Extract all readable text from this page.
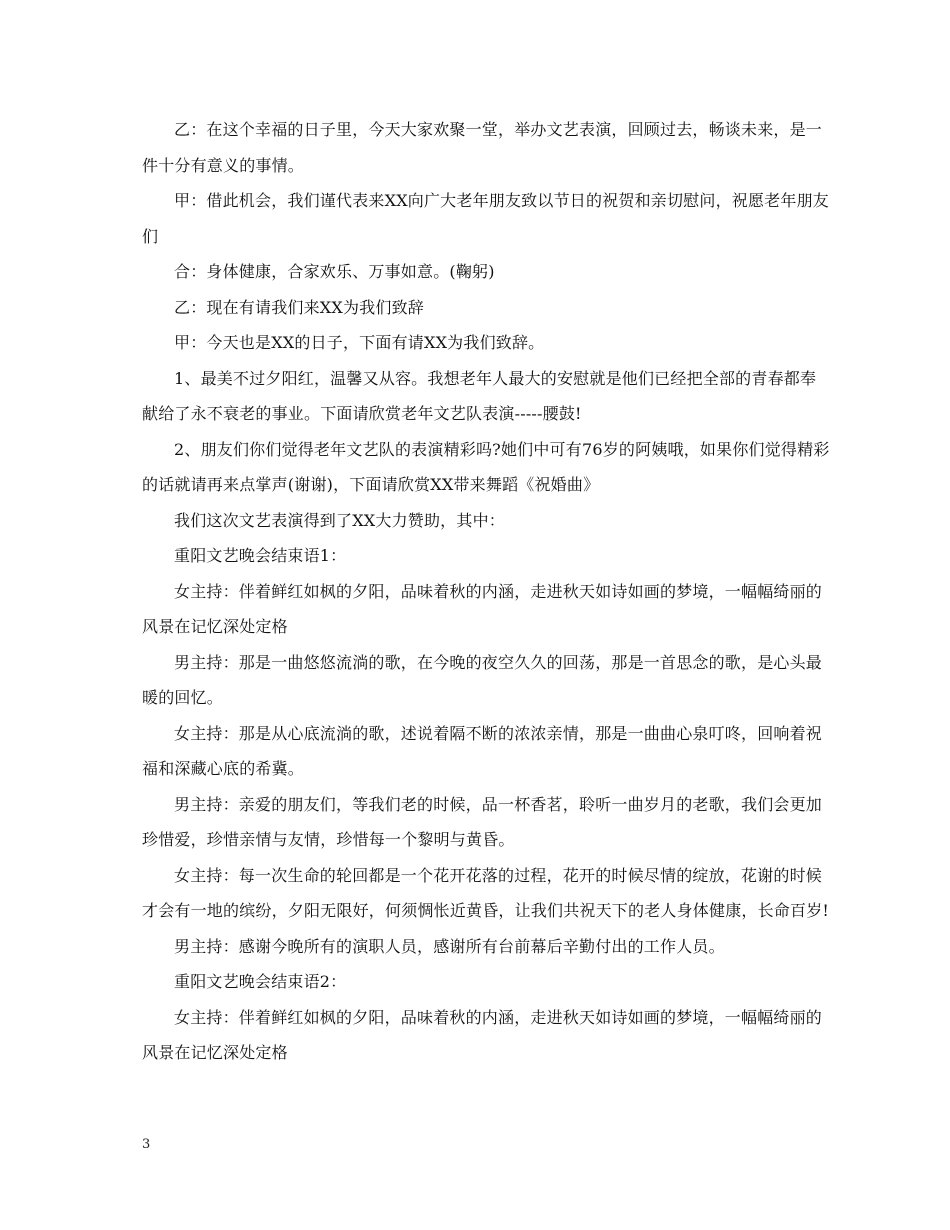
乙：在这个幸福的日子里，今天大家欢聚一堂，举办文艺表演，回顾过去，畅谈未来，是一件十分有意义的事情。

甲：借此机会，我们谨代表来XX向广大老年朋友致以节日的祝贺和亲切慰问，祝愿老年朋友们

合：身体健康，合家欢乐、万事如意。(鞠躬)

乙：现在有请我们来XX为我们致辞

甲：今天也是XX的日子，下面有请XX为我们致辞。

1、最美不过夕阳红，温馨又从容。我想老年人最大的安慰就是他们已经把全部的青春都奉献给了永不衰老的事业。下面请欣赏老年文艺队表演-----腰鼓!

2、朋友们你们觉得老年文艺队的表演精彩吗?她们中可有76岁的阿姨哦，如果你们觉得精彩的话就请再来点掌声(谢谢)，下面请欣赏XX带来舞蹈《祝婚曲》

我们这次文艺表演得到了XX大力赞助，其中：

重阳文艺晚会结束语1：

女主持：伴着鲜红如枫的夕阳，品味着秋的内涵，走进秋天如诗如画的梦境，一幅幅绮丽的风景在记忆深处定格

男主持：那是一曲悠悠流淌的歌，在今晚的夜空久久的回荡，那是一首思念的歌，是心头最暖的回忆。

女主持：那是从心底流淌的歌，述说着隔不断的浓浓亲情，那是一曲曲心泉叮咚，回响着祝福和深藏心底的希冀。

男主持：亲爱的朋友们，等我们老的时候，品一杯香茗，聆听一曲岁月的老歌，我们会更加珍惜爱，珍惜亲情与友情，珍惜每一个黎明与黄昏。

女主持：每一次生命的轮回都是一个花开花落的过程，花开的时候尽情的绽放，花谢的时候才会有一地的缤纷，夕阳无限好，何须惆怅近黄昏，让我们共祝天下的老人身体健康，长命百岁!

男主持：感谢今晚所有的演职人员，感谢所有台前幕后辛勤付出的工作人员。

重阳文艺晚会结束语2：

女主持：伴着鲜红如枫的夕阳，品味着秋的内涵，走进秋天如诗如画的梦境，一幅幅绮丽的风景在记忆深处定格

3
